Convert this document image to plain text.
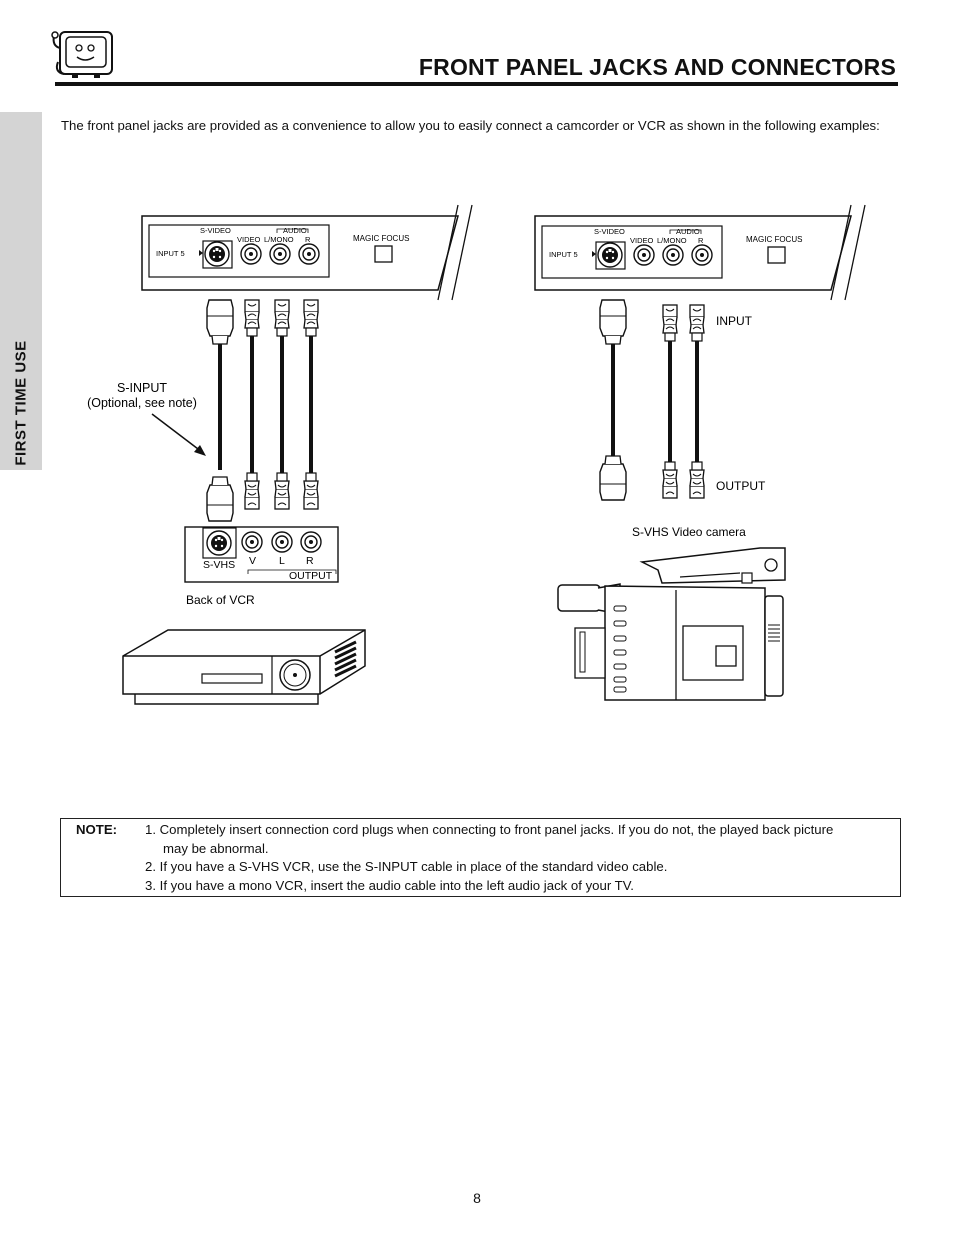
FRONT PANEL JACKS AND CONNECTORS
FIRST TIME USE
The front panel jacks are provided as a convenience to allow you to easily connect a camcorder or VCR as shown in the following examples:
INPUT 5
S-VIDEO	AUDIO
VIDEO L/MONO R	MAGIC FOCUS
S-INPUT
(Optional, see note)
S-VHS V L R
OUTPUT
Back of VCR
INPUT 5
S-VIDEO	AUDIO
VIDEO L/MONO R	MAGIC FOCUS
INPUT
OUTPUT
S-VHS Video camera
NOTE: 1. Completely insert connection cord plugs when connecting to front panel jacks. If you do not, the played back picture
may be abnormal.
2. If you have a S-VHS VCR, use the S-INPUT cable in place of the standard video cable.
3. If you have a mono VCR, insert the audio cable into the left audio jack of your TV.
8
